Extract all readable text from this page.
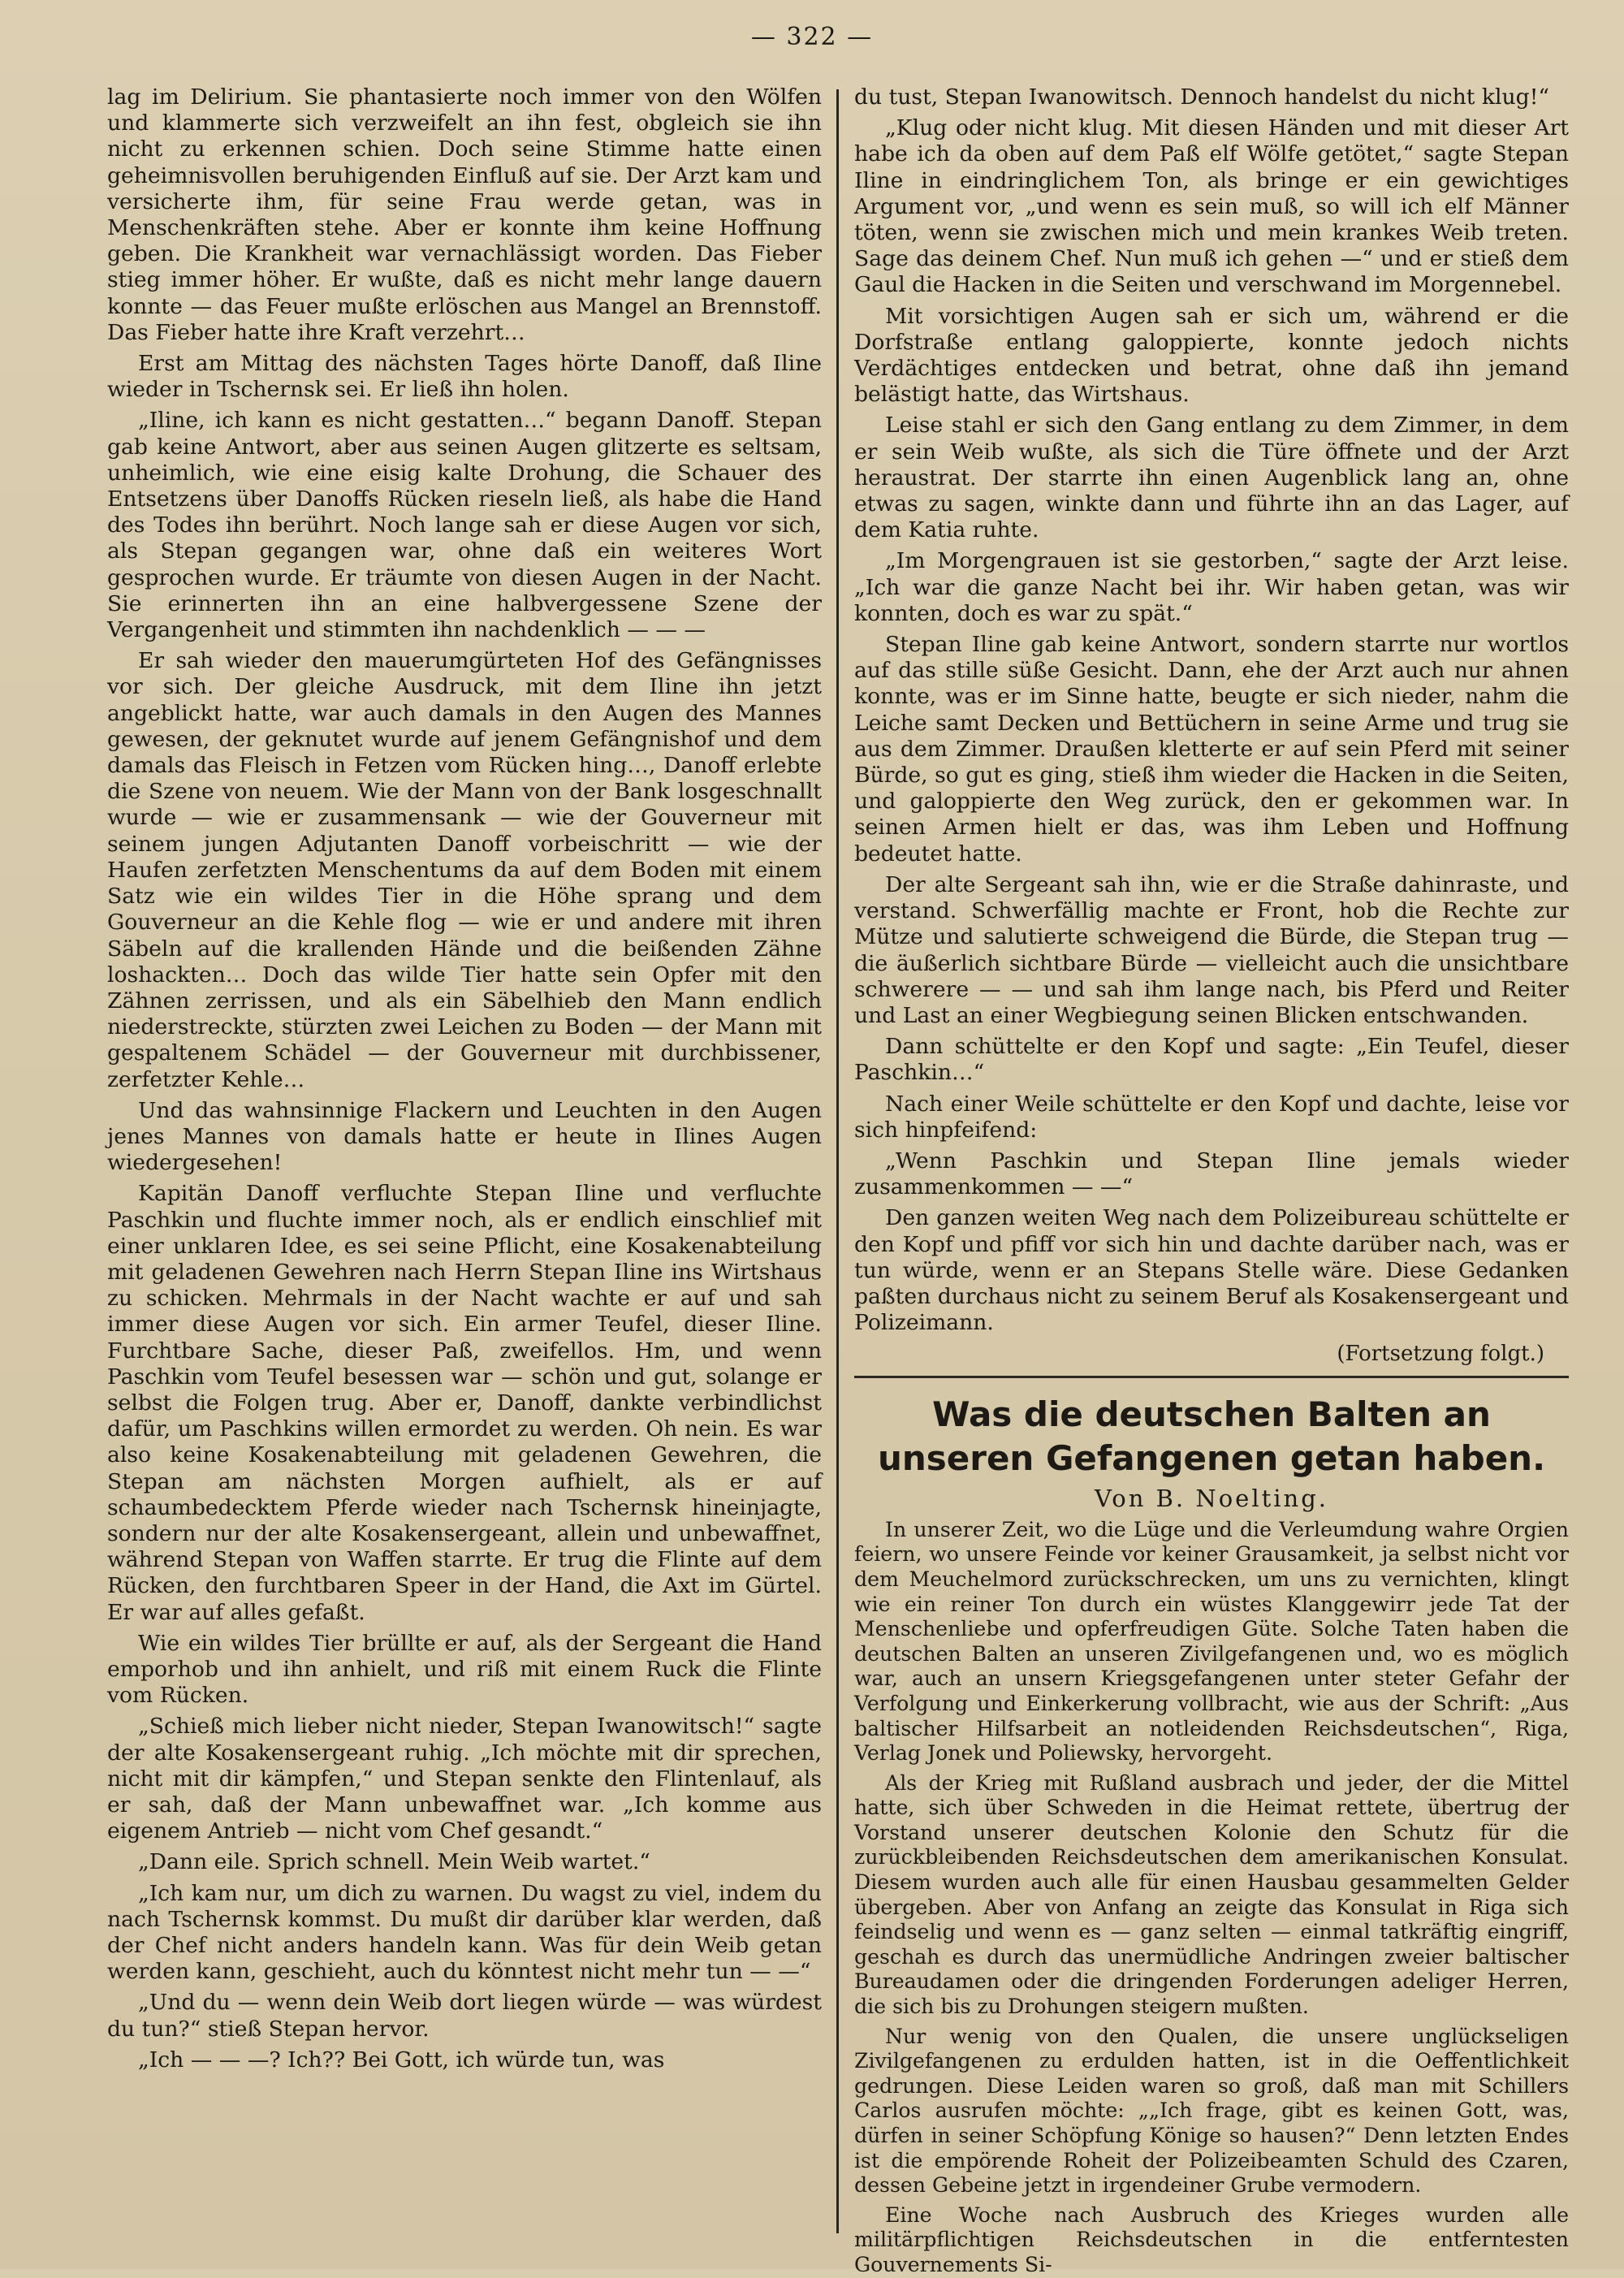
— 322 —

lag im Delirium. Sie phantasierte noch immer von den Wölfen und klammerte sich verzweifelt an ihn fest, obgleich sie ihn nicht zu erkennen schien. Doch seine Stimme hatte einen geheimnisvollen beruhigenden Einfluß auf sie. Der Arzt kam und versicherte ihm, für seine Frau werde getan, was in Menschenkräften stehe. Aber er konnte ihm keine Hoffnung geben. Die Krankheit war vernachlässigt worden. Das Fieber stieg immer höher. Er wußte, daß es nicht mehr lange dauern konnte — das Feuer mußte erlöschen aus Mangel an Brennstoff. Das Fieber hatte ihre Kraft verzehrt…

Erst am Mittag des nächsten Tages hörte Danoff, daß Iline wieder in Tschernsk sei. Er ließ ihn holen.

„Iline, ich kann es nicht gestatten…“ begann Danoff. Stepan gab keine Antwort, aber aus seinen Augen glitzerte es seltsam, unheimlich, wie eine eisig kalte Drohung, die Schauer des Entsetzens über Danoffs Rücken rieseln ließ, als habe die Hand des Todes ihn berührt. Noch lange sah er diese Augen vor sich, als Stepan gegangen war, ohne daß ein weiteres Wort gesprochen wurde. Er träumte von diesen Augen in der Nacht. Sie erinnerten ihn an eine halbvergessene Szene der Vergangenheit und stimmten ihn nachdenklich — — —

Er sah wieder den mauerumgürteten Hof des Gefängnisses vor sich. Der gleiche Ausdruck, mit dem Iline ihn jetzt angeblickt hatte, war auch damals in den Augen des Mannes gewesen, der geknutet wurde auf jenem Gefängnishof und dem damals das Fleisch in Fetzen vom Rücken hing…, Danoff erlebte die Szene von neuem. Wie der Mann von der Bank losgeschnallt wurde — wie er zusammensank — wie der Gouverneur mit seinem jungen Adjutanten Danoff vorbeischritt — wie der Haufen zerfetzten Menschentums da auf dem Boden mit einem Satz wie ein wildes Tier in die Höhe sprang und dem Gouverneur an die Kehle flog — wie er und andere mit ihren Säbeln auf die krallenden Hände und die beißenden Zähne loshackten… Doch das wilde Tier hatte sein Opfer mit den Zähnen zerrissen, und als ein Säbelhieb den Mann endlich niederstreckte, stürzten zwei Leichen zu Boden — der Mann mit gespaltenem Schädel — der Gouverneur mit durchbissener, zerfetzter Kehle…

Und das wahnsinnige Flackern und Leuchten in den Augen jenes Mannes von damals hatte er heute in Ilines Augen wiedergesehen!

Kapitän Danoff verfluchte Stepan Iline und verfluchte Paschkin und fluchte immer noch, als er endlich einschlief mit einer unklaren Idee, es sei seine Pflicht, eine Kosakenabteilung mit geladenen Gewehren nach Herrn Stepan Iline ins Wirtshaus zu schicken. Mehrmals in der Nacht wachte er auf und sah immer diese Augen vor sich. Ein armer Teufel, dieser Iline. Furchtbare Sache, dieser Paß, zweifellos. Hm, und wenn Paschkin vom Teufel besessen war — schön und gut, solange er selbst die Folgen trug. Aber er, Danoff, dankte verbindlichst dafür, um Paschkins willen ermordet zu werden. Oh nein. Es war also keine Kosakenabteilung mit geladenen Gewehren, die Stepan am nächsten Morgen aufhielt, als er auf schaumbedecktem Pferde wieder nach Tschernsk hineinjagte, sondern nur der alte Kosakensergeant, allein und unbewaffnet, während Stepan von Waffen starrte. Er trug die Flinte auf dem Rücken, den furchtbaren Speer in der Hand, die Axt im Gürtel. Er war auf alles gefaßt.

Wie ein wildes Tier brüllte er auf, als der Sergeant die Hand emporhob und ihn anhielt, und riß mit einem Ruck die Flinte vom Rücken.

„Schieß mich lieber nicht nieder, Stepan Iwanowitsch!“ sagte der alte Kosakensergeant ruhig. „Ich möchte mit dir sprechen, nicht mit dir kämpfen,“ und Stepan senkte den Flintenlauf, als er sah, daß der Mann unbewaffnet war. „Ich komme aus eigenem Antrieb — nicht vom Chef gesandt.“

„Dann eile. Sprich schnell. Mein Weib wartet.“

„Ich kam nur, um dich zu warnen. Du wagst zu viel, indem du nach Tschernsk kommst. Du mußt dir darüber klar werden, daß der Chef nicht anders handeln kann. Was für dein Weib getan werden kann, geschieht, auch du könntest nicht mehr tun — —“

„Und du — wenn dein Weib dort liegen würde — was würdest du tun?“ stieß Stepan hervor.

„Ich — — —? Ich?? Bei Gott, ich würde tun, was

du tust, Stepan Iwanowitsch. Dennoch handelst du nicht klug!“

„Klug oder nicht klug. Mit diesen Händen und mit dieser Art habe ich da oben auf dem Paß elf Wölfe getötet,“ sagte Stepan Iline in eindringlichem Ton, als bringe er ein gewichtiges Argument vor, „und wenn es sein muß, so will ich elf Männer töten, wenn sie zwischen mich und mein krankes Weib treten. Sage das deinem Chef. Nun muß ich gehen —“ und er stieß dem Gaul die Hacken in die Seiten und verschwand im Morgennebel.

Mit vorsichtigen Augen sah er sich um, während er die Dorfstraße entlang galoppierte, konnte jedoch nichts Verdächtiges entdecken und betrat, ohne daß ihn jemand belästigt hatte, das Wirtshaus.

Leise stahl er sich den Gang entlang zu dem Zimmer, in dem er sein Weib wußte, als sich die Türe öffnete und der Arzt heraustrat. Der starrte ihn einen Augenblick lang an, ohne etwas zu sagen, winkte dann und führte ihn an das Lager, auf dem Katia ruhte.

„Im Morgengrauen ist sie gestorben,“ sagte der Arzt leise. „Ich war die ganze Nacht bei ihr. Wir haben getan, was wir konnten, doch es war zu spät.“

Stepan Iline gab keine Antwort, sondern starrte nur wortlos auf das stille süße Gesicht. Dann, ehe der Arzt auch nur ahnen konnte, was er im Sinne hatte, beugte er sich nieder, nahm die Leiche samt Decken und Bettüchern in seine Arme und trug sie aus dem Zimmer. Draußen kletterte er auf sein Pferd mit seiner Bürde, so gut es ging, stieß ihm wieder die Hacken in die Seiten, und galoppierte den Weg zurück, den er gekommen war. In seinen Armen hielt er das, was ihm Leben und Hoffnung bedeutet hatte.

Der alte Sergeant sah ihn, wie er die Straße dahinraste, und verstand. Schwerfällig machte er Front, hob die Rechte zur Mütze und salutierte schweigend die Bürde, die Stepan trug — die äußerlich sichtbare Bürde — vielleicht auch die unsichtbare schwerere — — und sah ihm lange nach, bis Pferd und Reiter und Last an einer Wegbiegung seinen Blicken entschwanden.

Dann schüttelte er den Kopf und sagte: „Ein Teufel, dieser Paschkin…“

Nach einer Weile schüttelte er den Kopf und dachte, leise vor sich hinpfeifend:

„Wenn Paschkin und Stepan Iline jemals wieder zusammenkommen — —“

Den ganzen weiten Weg nach dem Polizeibureau schüttelte er den Kopf und pfiff vor sich hin und dachte darüber nach, was er tun würde, wenn er an Stepans Stelle wäre. Diese Gedanken paßten durchaus nicht zu seinem Beruf als Kosakensergeant und Polizeimann.

(Fortsetzung folgt.)
Was die deutschen Balten an unseren Gefangenen getan haben.
Von B. Noelting.

In unserer Zeit, wo die Lüge und die Verleumdung wahre Orgien feiern, wo unsere Feinde vor keiner Grausamkeit, ja selbst nicht vor dem Meuchelmord zurückschrecken, um uns zu vernichten, klingt wie ein reiner Ton durch ein wüstes Klanggewirr jede Tat der Menschenliebe und opferfreudigen Güte. Solche Taten haben die deutschen Balten an unseren Zivilgefangenen und, wo es möglich war, auch an unsern Kriegsgefangenen unter steter Gefahr der Verfolgung und Einkerkerung vollbracht, wie aus der Schrift: „Aus baltischer Hilfsarbeit an notleidenden Reichsdeutschen“, Riga, Verlag Jonek und Poliewsky, hervorgeht.

Als der Krieg mit Rußland ausbrach und jeder, der die Mittel hatte, sich über Schweden in die Heimat rettete, übertrug der Vorstand unserer deutschen Kolonie den Schutz für die zurückbleibenden Reichsdeutschen dem amerikanischen Konsulat. Diesem wurden auch alle für einen Hausbau gesammelten Gelder übergeben. Aber von Anfang an zeigte das Konsulat in Riga sich feindselig und wenn es — ganz selten — einmal tatkräftig eingriff, geschah es durch das unermüdliche Andringen zweier baltischer Bureaudamen oder die dringenden Forderungen adeliger Herren, die sich bis zu Drohungen steigern mußten.

Nur wenig von den Qualen, die unsere unglückseligen Zivilgefangenen zu erdulden hatten, ist in die Oeffentlichkeit gedrungen. Diese Leiden waren so groß, daß man mit Schillers Carlos ausrufen möchte: „„Ich frage, gibt es keinen Gott, was, dürfen in seiner Schöpfung Könige so hausen?“ Denn letzten Endes ist die empörende Roheit der Polizeibeamten Schuld des Czaren, dessen Gebeine jetzt in irgendeiner Grube vermodern.

Eine Woche nach Ausbruch des Krieges wurden alle militärpflichtigen Reichsdeutschen in die entferntesten Gouvernements Si-
